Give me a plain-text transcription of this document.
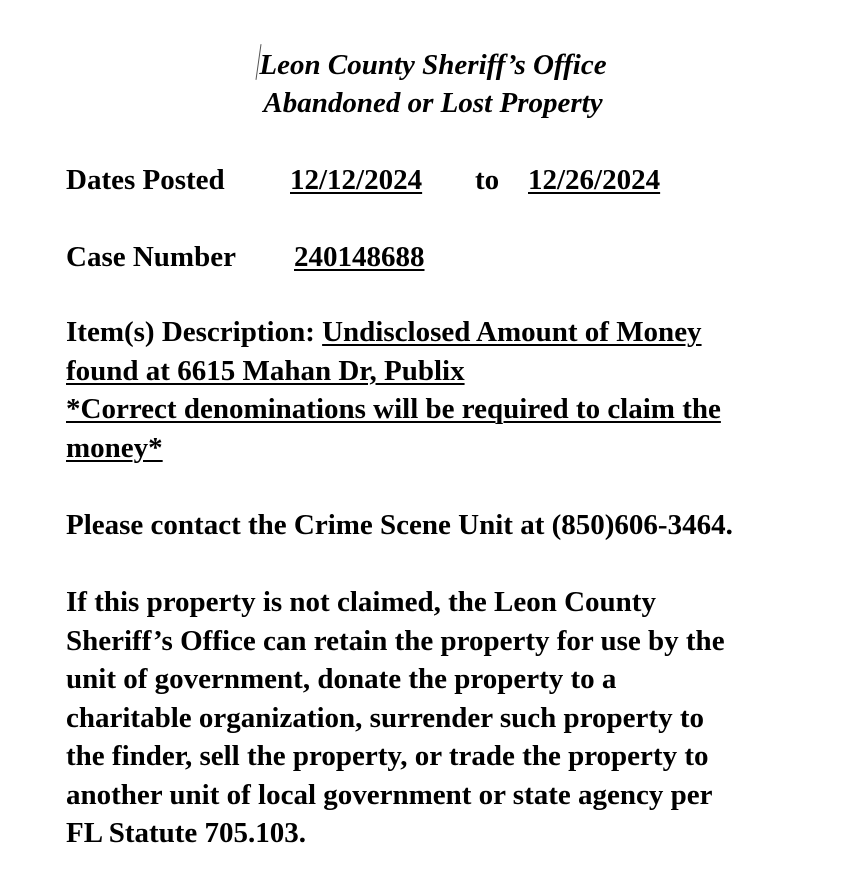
Leon County Sheriff’s Office
Abandoned or Lost Property
Dates Posted 12/12/2024 to 12/26/2024
Case Number 240148688
Item(s) Description: Undisclosed Amount of Money
found at 6615 Mahan Dr, Publix
*Correct denominations will be required to claim the
money*
Please contact the Crime Scene Unit at (850)606-3464.
If this property is not claimed, the Leon County
Sheriff’s Office can retain the property for use by the
unit of government, donate the property to a
charitable organization, surrender such property to
the finder, sell the property, or trade the property to
another unit of local government or state agency per
FL Statute 705.103.
